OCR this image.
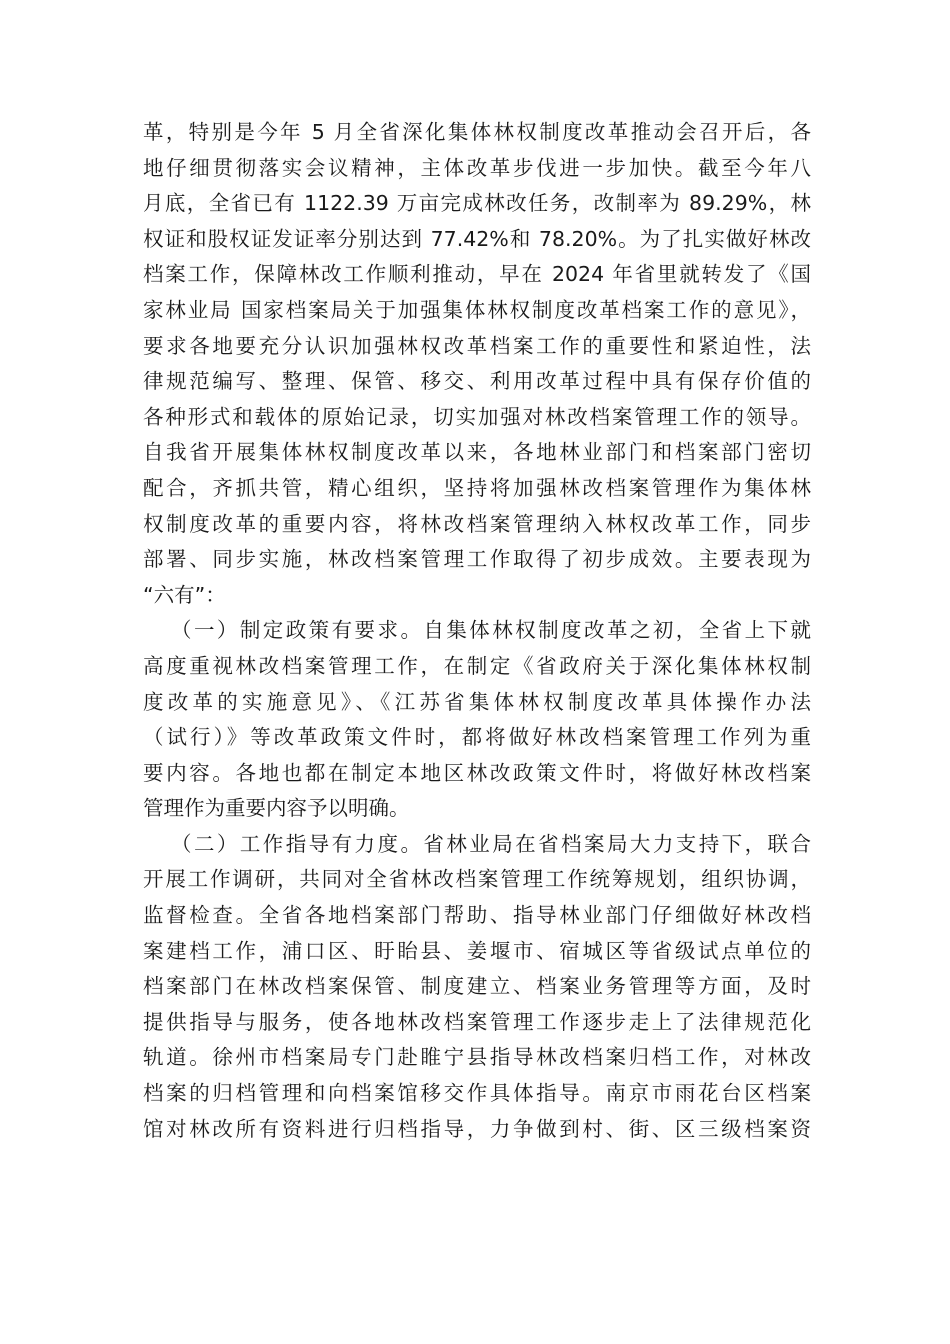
革，特别是今年 5 月全省深化集体林权制度改革推动会召开后，各
地仔细贯彻落实会议精神，主体改革步伐进一步加快。截至今年八
月底，全省已有 1122.39 万亩完成林改任务，改制率为 89.29%，林
权证和股权证发证率分别达到 77.42%和 78.20%。为了扎实做好林改
档案工作，保障林改工作顺利推动，早在 2024 年省里就转发了《国
家林业局 国家档案局关于加强集体林权制度改革档案工作的意见》，
要求各地要充分认识加强林权改革档案工作的重要性和紧迫性，法
律规范编写、整理、保管、移交、利用改革过程中具有保存价值的
各种形式和载体的原始记录，切实加强对林改档案管理工作的领导。
自我省开展集体林权制度改革以来，各地林业部门和档案部门密切
配合，齐抓共管，精心组织，坚持将加强林改档案管理作为集体林
权制度改革的重要内容，将林改档案管理纳入林权改革工作，同步
部署、同步实施，林改档案管理工作取得了初步成效。主要表现为
“六有”：
（一）制定政策有要求。自集体林权制度改革之初，全省上下就
高度重视林改档案管理工作，在制定《省政府关于深化集体林权制
度改革的实施意见》、《江苏省集体林权制度改革具体操作办法
（试行）》等改革政策文件时，都将做好林改档案管理工作列为重
要内容。各地也都在制定本地区林改政策文件时，将做好林改档案
管理作为重要内容予以明确。
（二）工作指导有力度。省林业局在省档案局大力支持下，联合
开展工作调研，共同对全省林改档案管理工作统筹规划，组织协调，
监督检查。全省各地档案部门帮助、指导林业部门仔细做好林改档
案建档工作，浦口区、盱眙县、姜堰市、宿城区等省级试点单位的
档案部门在林改档案保管、制度建立、档案业务管理等方面，及时
提供指导与服务，使各地林改档案管理工作逐步走上了法律规范化
轨道。徐州市档案局专门赴睢宁县指导林改档案归档工作，对林改
档案的归档管理和向档案馆移交作具体指导。南京市雨花台区档案
馆对林改所有资料进行归档指导，力争做到村、街、区三级档案资
